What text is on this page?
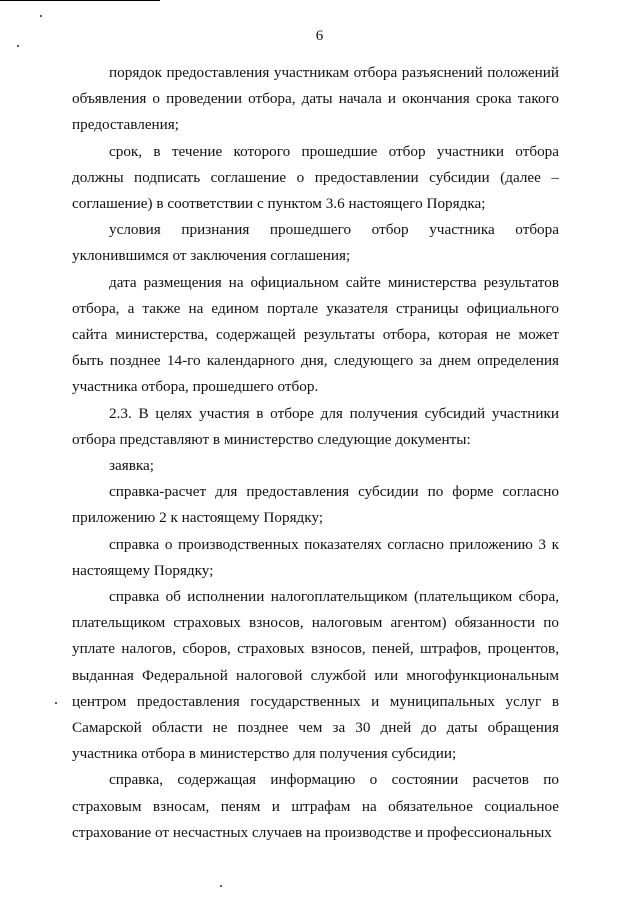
6

порядок предоставления участникам отбора разъяснений положений объявления о проведении отбора, даты начала и окончания срока такого предоставления;

срок, в течение которого прошедшие отбор участники отбора должны подписать соглашение о предоставлении субсидии (далее – соглашение) в соответствии с пунктом 3.6 настоящего Порядка;

условия признания прошедшего отбор участника отбора уклонившимся от заключения соглашения;

дата размещения на официальном сайте министерства результатов отбора, а также на едином портале указателя страницы официального сайта министерства, содержащей результаты отбора, которая не может быть позднее 14-го календарного дня, следующего за днем определения участника отбора, прошедшего отбор.

2.3. В целях участия в отборе для получения субсидий участники отбора представляют в министерство следующие документы:

заявка;

справка-расчет для предоставления субсидии по форме согласно приложению 2 к настоящему Порядку;

справка о производственных показателях согласно приложению 3 к настоящему Порядку;

справка об исполнении налогоплательщиком (плательщиком сбора, плательщиком страховых взносов, налоговым агентом) обязанности по уплате налогов, сборов, страховых взносов, пеней, штрафов, процентов, выданная Федеральной налоговой службой или многофункциональным центром предоставления государственных и муниципальных услуг в Самарской области не позднее чем за 30 дней до даты обращения участника отбора в министерство для получения субсидии;

справка, содержащая информацию о состоянии расчетов по страховым взносам, пеням и штрафам на обязательное социальное страхование от несчастных случаев на производстве и профессиональных
